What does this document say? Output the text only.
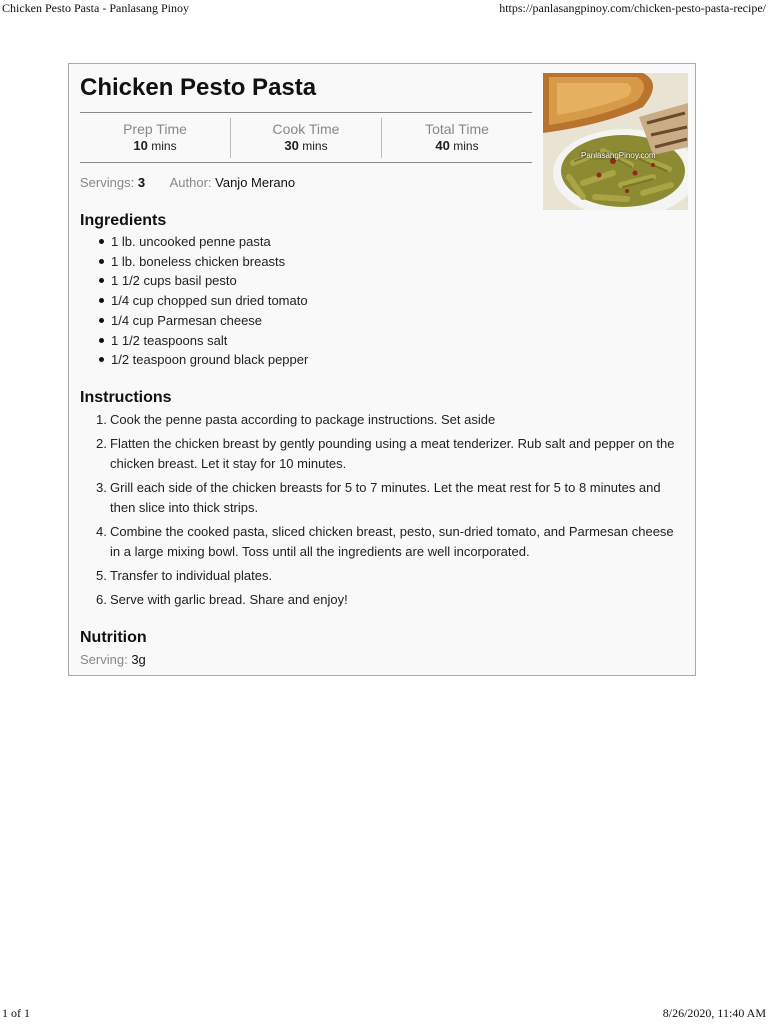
Chicken Pesto Pasta - Panlasang Pinoy	https://panlasangpinoy.com/chicken-pesto-pasta-recipe/
Chicken Pesto Pasta
Prep Time
10 mins
Cook Time
30 mins
Total Time
40 mins
PanlasangPinoy.com
Servings: 3 Author: Vanjo Merano
Ingredients
1 lb. uncooked penne pasta
1 lb. boneless chicken breasts
1 1/2 cups basil pesto
1/4 cup chopped sun dried tomato
1/4 cup Parmesan cheese
1 1/2 teaspoons salt
1/2 teaspoon ground black pepper
Instructions
Cook the penne pasta according to package instructions. Set aside
Flatten the chicken breast by gently pounding using a meat tenderizer. Rub salt and pepper on the chicken breast. Let it stay for 10 minutes.
Grill each side of the chicken breasts for 5 to 7 minutes. Let the meat rest for 5 to 8 minutes and then slice into thick strips.
Combine the cooked pasta, sliced chicken breast, pesto, sun-dried tomato, and Parmesan cheese in a large mixing bowl. Toss until all the ingredients are well incorporated.
Transfer to individual plates.
Serve with garlic bread. Share and enjoy!
Nutrition
Serving: 3g
1 of 1	8/26/2020, 11:40 AM
